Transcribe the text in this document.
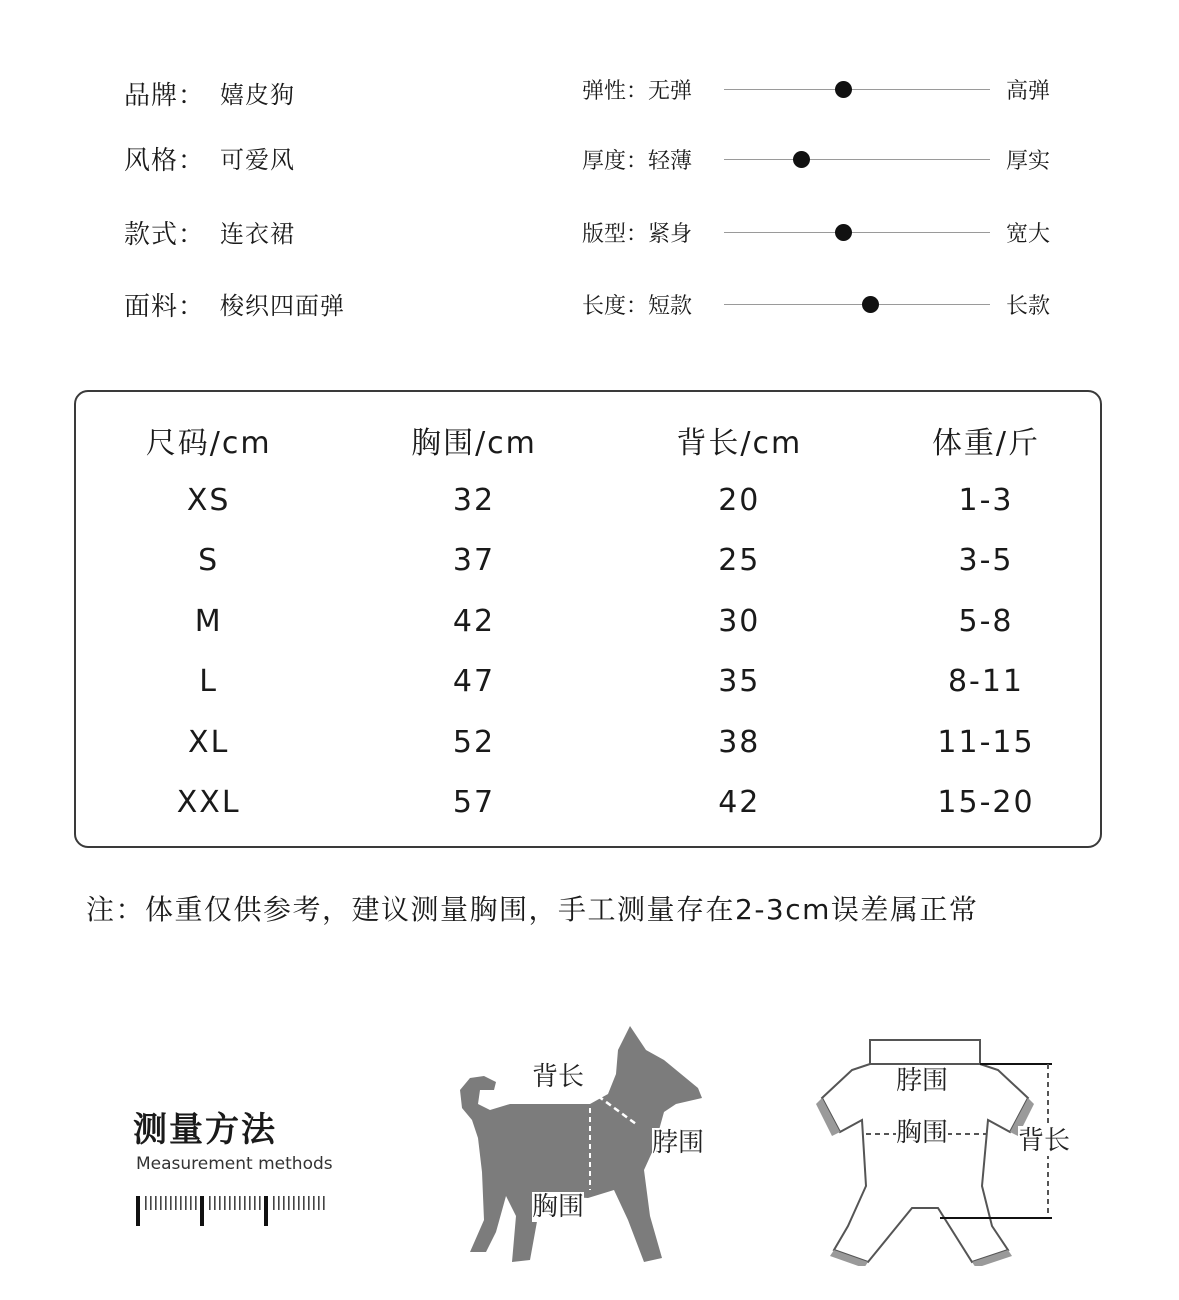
品牌： 嬉皮狗
风格： 可爱风
款式： 连衣裙
面料： 梭织四面弹
弹性：无弹	高弹
厚度：轻薄	厚实
版型：紧身	宽大
长度：短款	长款
尺码/cm	胸围/cm	背长/cm	体重/斤
XS	32	20	1-3
S	37	25	3-5
M	42	30	5-8
L	47	35	8-11
XL	52	38	11-15
XXL	57	42	15-20
注：体重仅供参考，建议测量胸围，手工测量存在2-3cm误差属正常
测量方法
Measurement methods
背长
脖围
胸围
脖围
胸围	背长
